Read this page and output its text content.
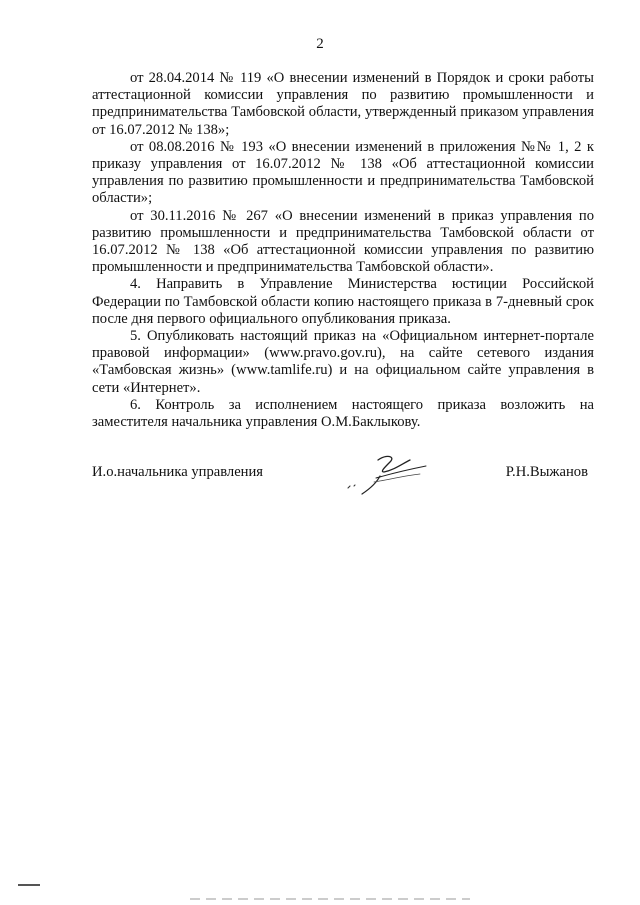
2

от 28.04.2014 № 119 «О внесении изменений в Порядок и сроки работы аттестационной комиссии управления по развитию промышленности и предпринимательства Тамбовской области, утвержденный приказом управления от 16.07.2012 № 138»;

от 08.08.2016 № 193 «О внесении изменений в приложения №№ 1, 2 к приказу управления от 16.07.2012 № 138 «Об аттестационной комиссии управления по развитию промышленности и предпринимательства Тамбовской области»;

от 30.11.2016 № 267 «О внесении изменений в приказ управления по развитию промышленности и предпринимательства Тамбовской области от 16.07.2012 № 138 «Об аттестационной комиссии управления по развитию промышленности и предпринимательства Тамбовской области».

4. Направить в Управление Министерства юстиции Российской Федерации по Тамбовской области копию настоящего приказа в 7-дневный срок после дня первого официального опубликования приказа.

5. Опубликовать настоящий приказ на «Официальном интернет-портале правовой информации» (www.pravo.gov.ru), на сайте сетевого издания «Тамбовская жизнь» (www.tamlife.ru) и на официальном сайте управления в сети «Интернет».

6. Контроль за исполнением настоящего приказа возложить на заместителя начальника управления О.М.Баклыкову.

И.о.начальника управления	Р.Н.Выжанов
